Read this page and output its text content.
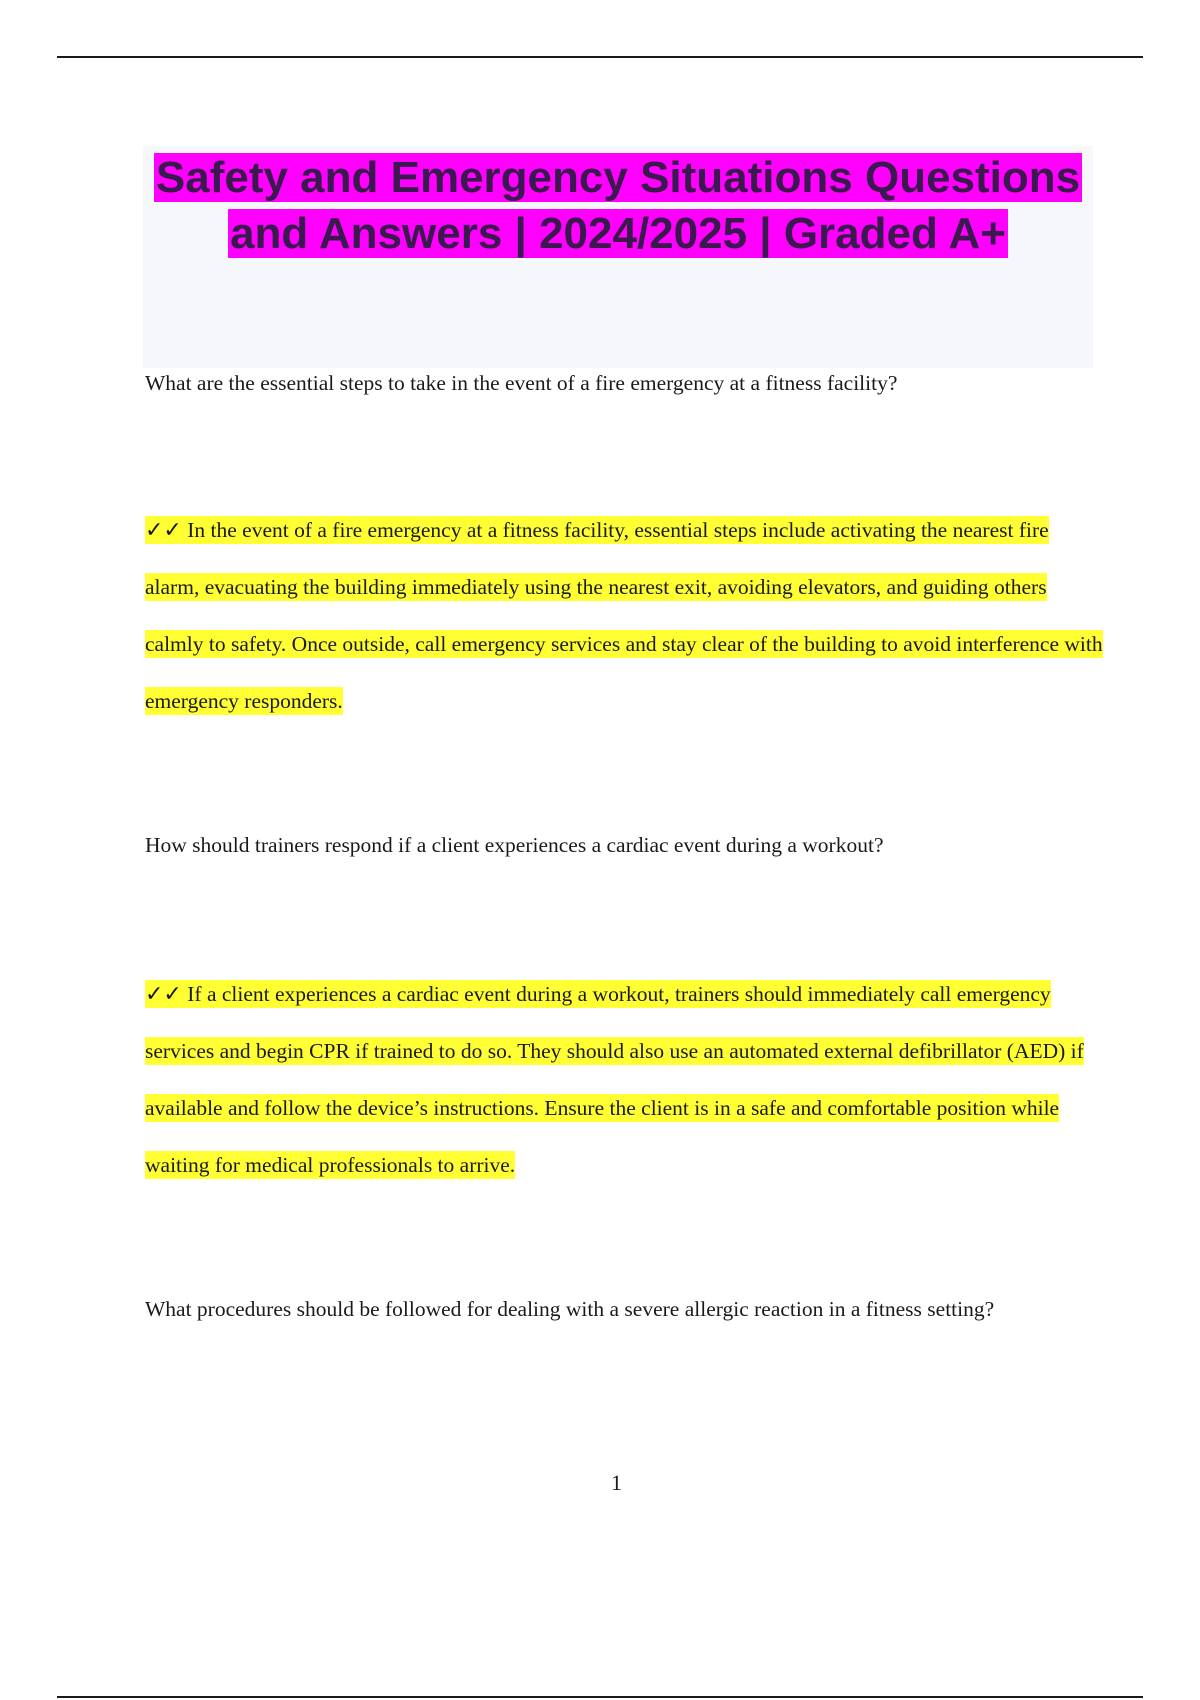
Safety and Emergency Situations Questions and Answers | 2024/2025 | Graded A+

What are the essential steps to take in the event of a fire emergency at a fitness facility?

✓✓ In the event of a fire emergency at a fitness facility, essential steps include activating the nearest fire alarm, evacuating the building immediately using the nearest exit, avoiding elevators, and guiding others calmly to safety. Once outside, call emergency services and stay clear of the building to avoid interference with emergency responders.

How should trainers respond if a client experiences a cardiac event during a workout?

✓✓ If a client experiences a cardiac event during a workout, trainers should immediately call emergency services and begin CPR if trained to do so. They should also use an automated external defibrillator (AED) if available and follow the device’s instructions. Ensure the client is in a safe and comfortable position while waiting for medical professionals to arrive.

What procedures should be followed for dealing with a severe allergic reaction in a fitness setting?

1
